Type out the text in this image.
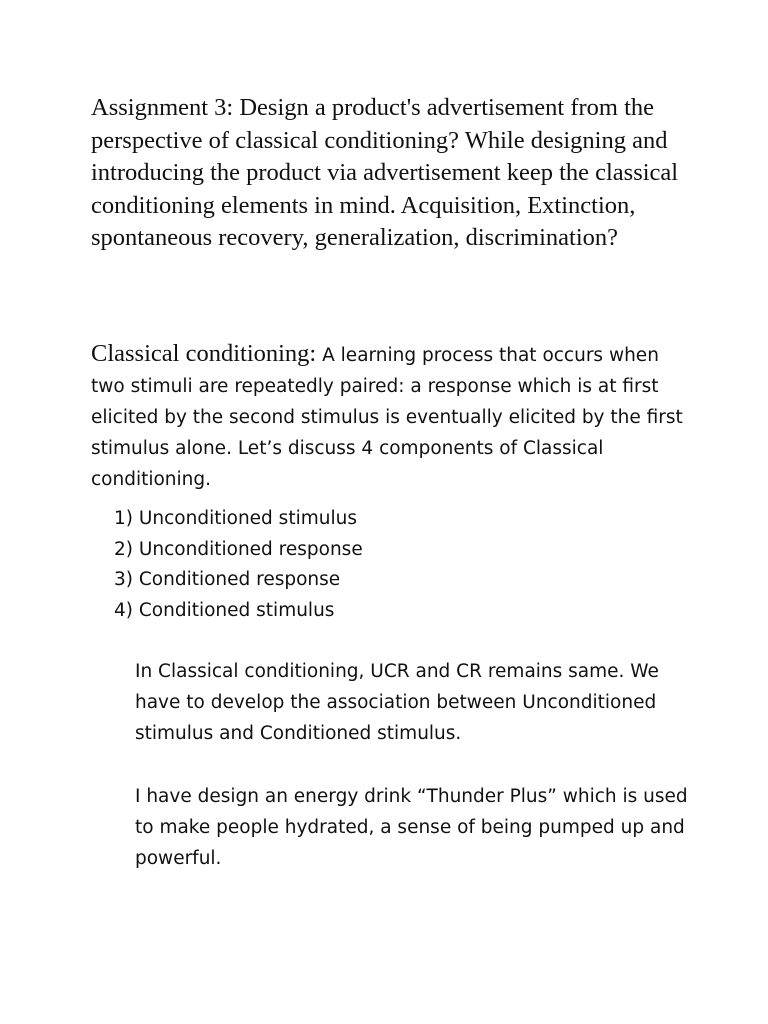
Assignment 3: Design a product's advertisement from the perspective of classical conditioning? While designing and introducing the product via advertisement keep the classical conditioning elements in mind. Acquisition, Extinction, spontaneous recovery, generalization, discrimination?

Classical conditioning: A learning process that occurs when two stimuli are repeatedly paired: a response which is at first elicited by the second stimulus is eventually elicited by the first stimulus alone. Let’s discuss 4 components of Classical conditioning.

1) Unconditioned stimulus
2) Unconditioned response
3) Conditioned response
4) Conditioned stimulus

In Classical conditioning, UCR and CR remains same. We have to develop the association between Unconditioned stimulus and Conditioned stimulus.

I have design an energy drink “Thunder Plus” which is used to make people hydrated, a sense of being pumped up and powerful.
